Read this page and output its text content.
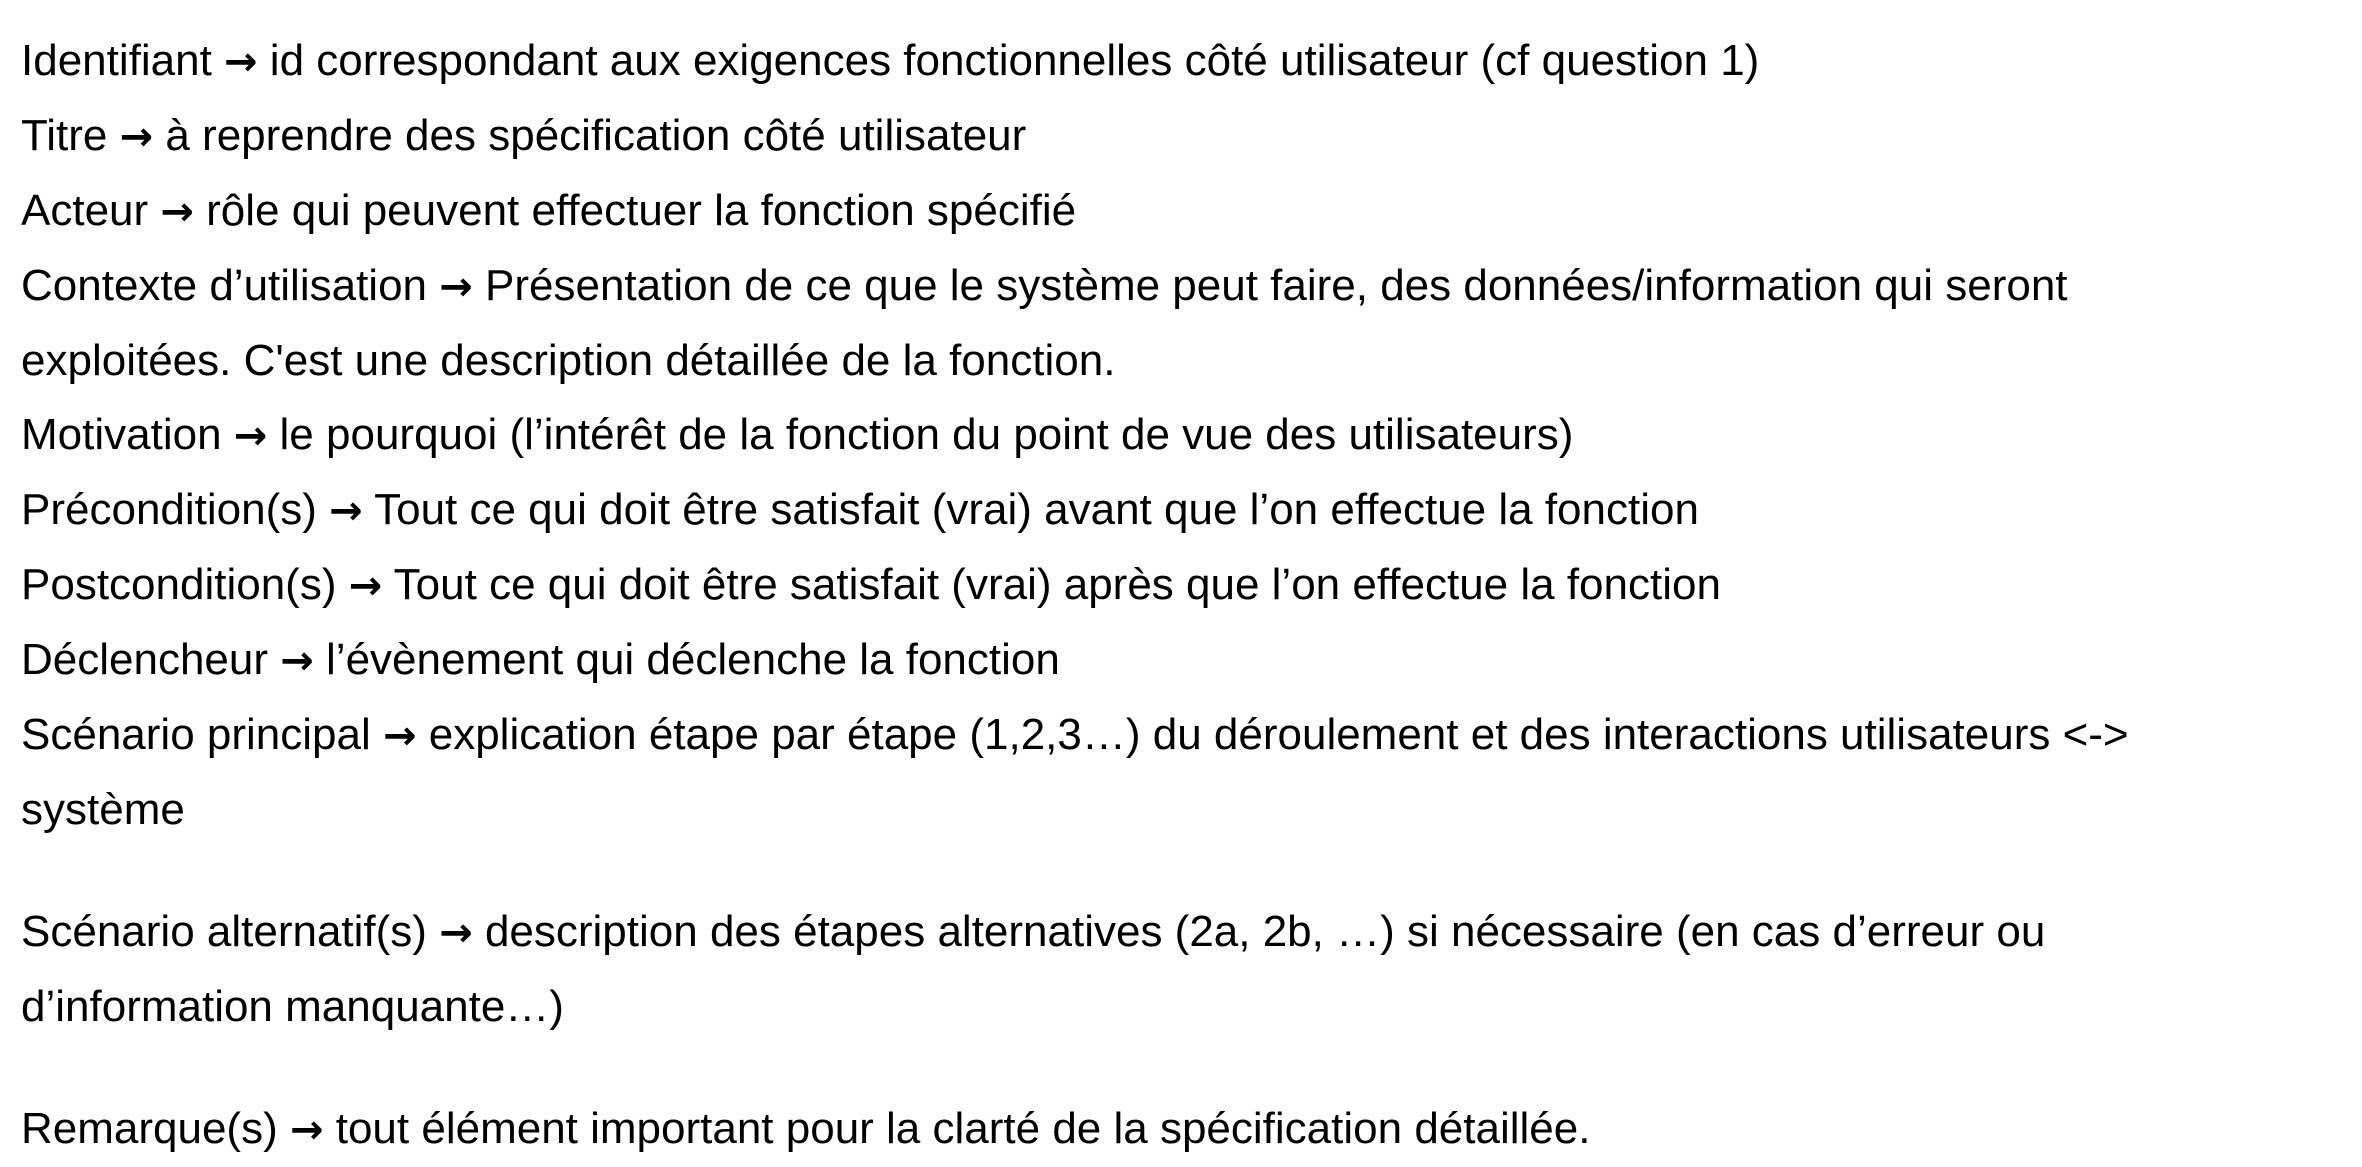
Identifiant → id correspondant aux exigences fonctionnelles côté utilisateur (cf question 1)

Titre → à reprendre des spécification côté utilisateur

Acteur → rôle qui peuvent effectuer la fonction spécifié

Contexte d’utilisation → Présentation de ce que le système peut faire, des données/information qui seront
exploitées. C'est une description détaillée de la fonction.

Motivation → le pourquoi (l’intérêt de la fonction du point de vue des utilisateurs)

Précondition(s) → Tout ce qui doit être satisfait (vrai) avant que l’on effectue la fonction

Postcondition(s) → Tout ce qui doit être satisfait (vrai) après que l’on effectue la fonction

Déclencheur → l’évènement qui déclenche la fonction

Scénario principal → explication étape par étape (1,2,3…) du déroulement et des interactions utilisateurs <->
système

Scénario alternatif(s) → description des étapes alternatives (2a, 2b, …) si nécessaire (en cas d’erreur ou
d’information manquante…)

Remarque(s) → tout élément important pour la clarté de la spécification détaillée.
